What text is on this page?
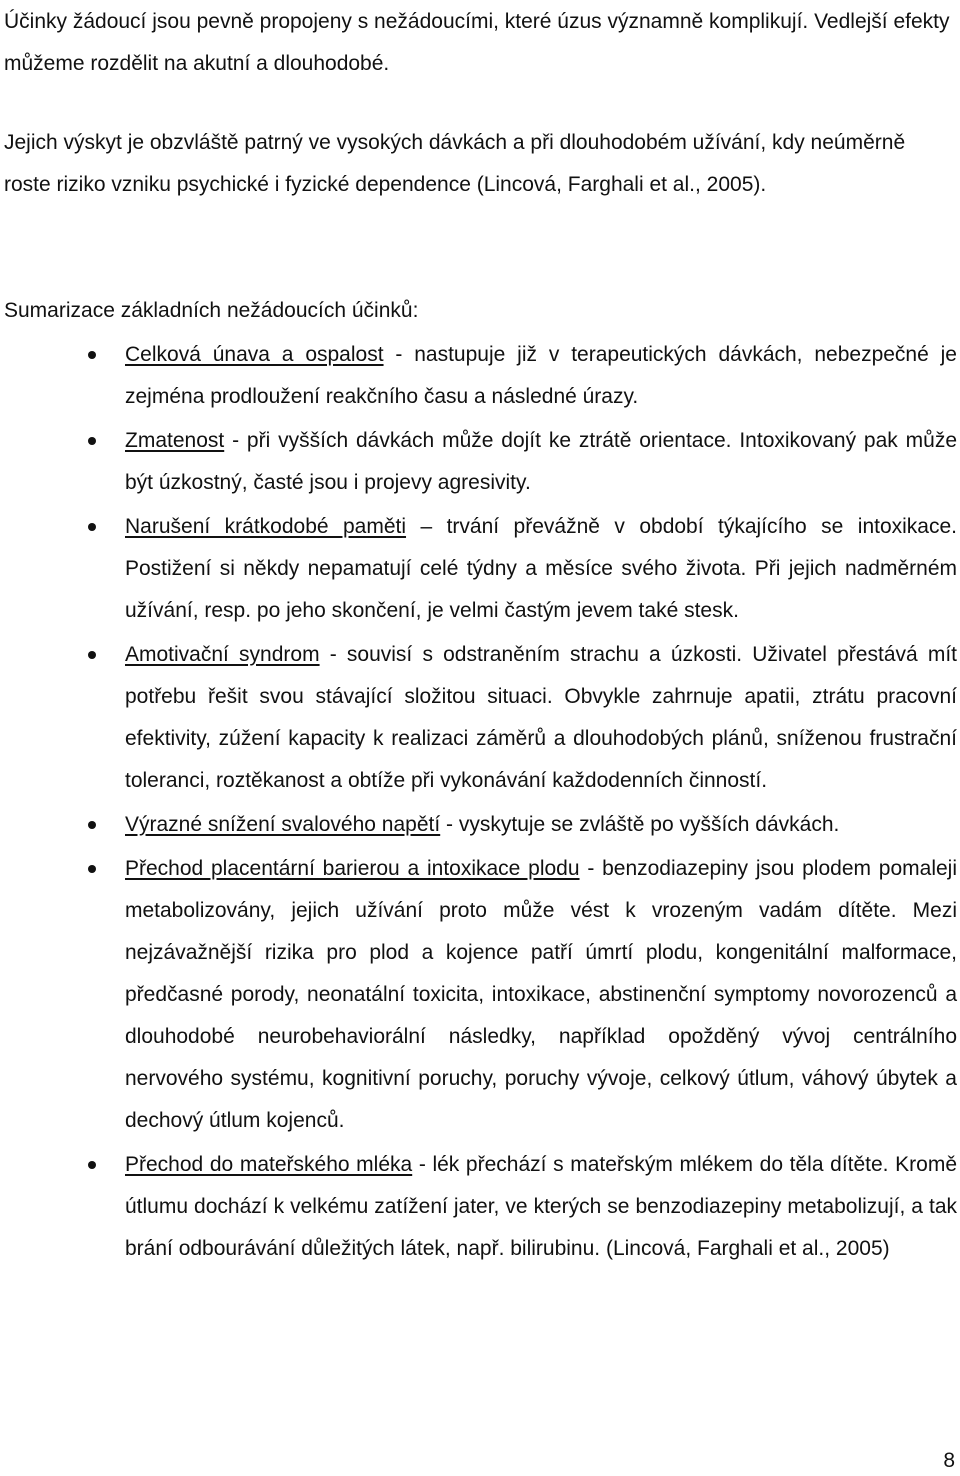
Účinky žádoucí jsou pevně propojeny s nežádoucími, které úzus významně komplikují. Vedlejší efekty můžeme rozdělit na akutní a dlouhodobé.

Jejich výskyt je obzvláště patrný ve vysokých dávkách a při dlouhodobém užívání, kdy neúměrně roste riziko vzniku psychické i fyzické dependence (Lincová, Farghali et al., 2005).

Sumarizace základních nežádoucích účinků:

Celková únava a ospalost - nastupuje již v terapeutických dávkách, nebezpečné je zejména prodloužení reakčního času a následné úrazy.
Zmatenost - při vyšších dávkách může dojít ke ztrátě orientace. Intoxikovaný pak může být úzkostný, časté jsou i projevy agresivity.
Narušení krátkodobé paměti – trvání převážně v období týkajícího se intoxikace. Postižení si někdy nepamatují celé týdny a měsíce svého života. Při jejich nadměrném užívání, resp. po jeho skončení, je velmi častým jevem také stesk.
Amotivační syndrom - souvisí s odstraněním strachu a úzkosti. Uživatel přestává mít potřebu řešit svou stávající složitou situaci. Obvykle zahrnuje apatii, ztrátu pracovní efektivity, zúžení kapacity k realizaci záměrů a dlouhodobých plánů, sníženou frustrační toleranci, roztěkanost a obtíže při vykonávání každodenních činností.
Výrazné snížení svalového napětí - vyskytuje se zvláště po vyšších dávkách.
Přechod placentární barierou a intoxikace plodu - benzodiazepiny jsou plodem pomaleji metabolizovány, jejich užívání proto může vést k vrozeným vadám dítěte. Mezi nejzávažnější rizika pro plod a kojence patří úmrtí plodu, kongenitální malformace, předčasné porody, neonatální toxicita, intoxikace, abstinenční symptomy novorozenců a dlouhodobé neurobehaviorální následky, například opožděný vývoj centrálního nervového systému, kognitivní poruchy, poruchy vývoje, celkový útlum, váhový úbytek a dechový útlum kojenců.
Přechod do mateřského mléka - lék přechází s mateřským mlékem do těla dítěte. Kromě útlumu dochází k velkému zatížení jater, ve kterých se benzodiazepiny metabolizují, a tak brání odbourávání důležitých látek, např. bilirubinu. (Lincová, Farghali et al., 2005)
8
